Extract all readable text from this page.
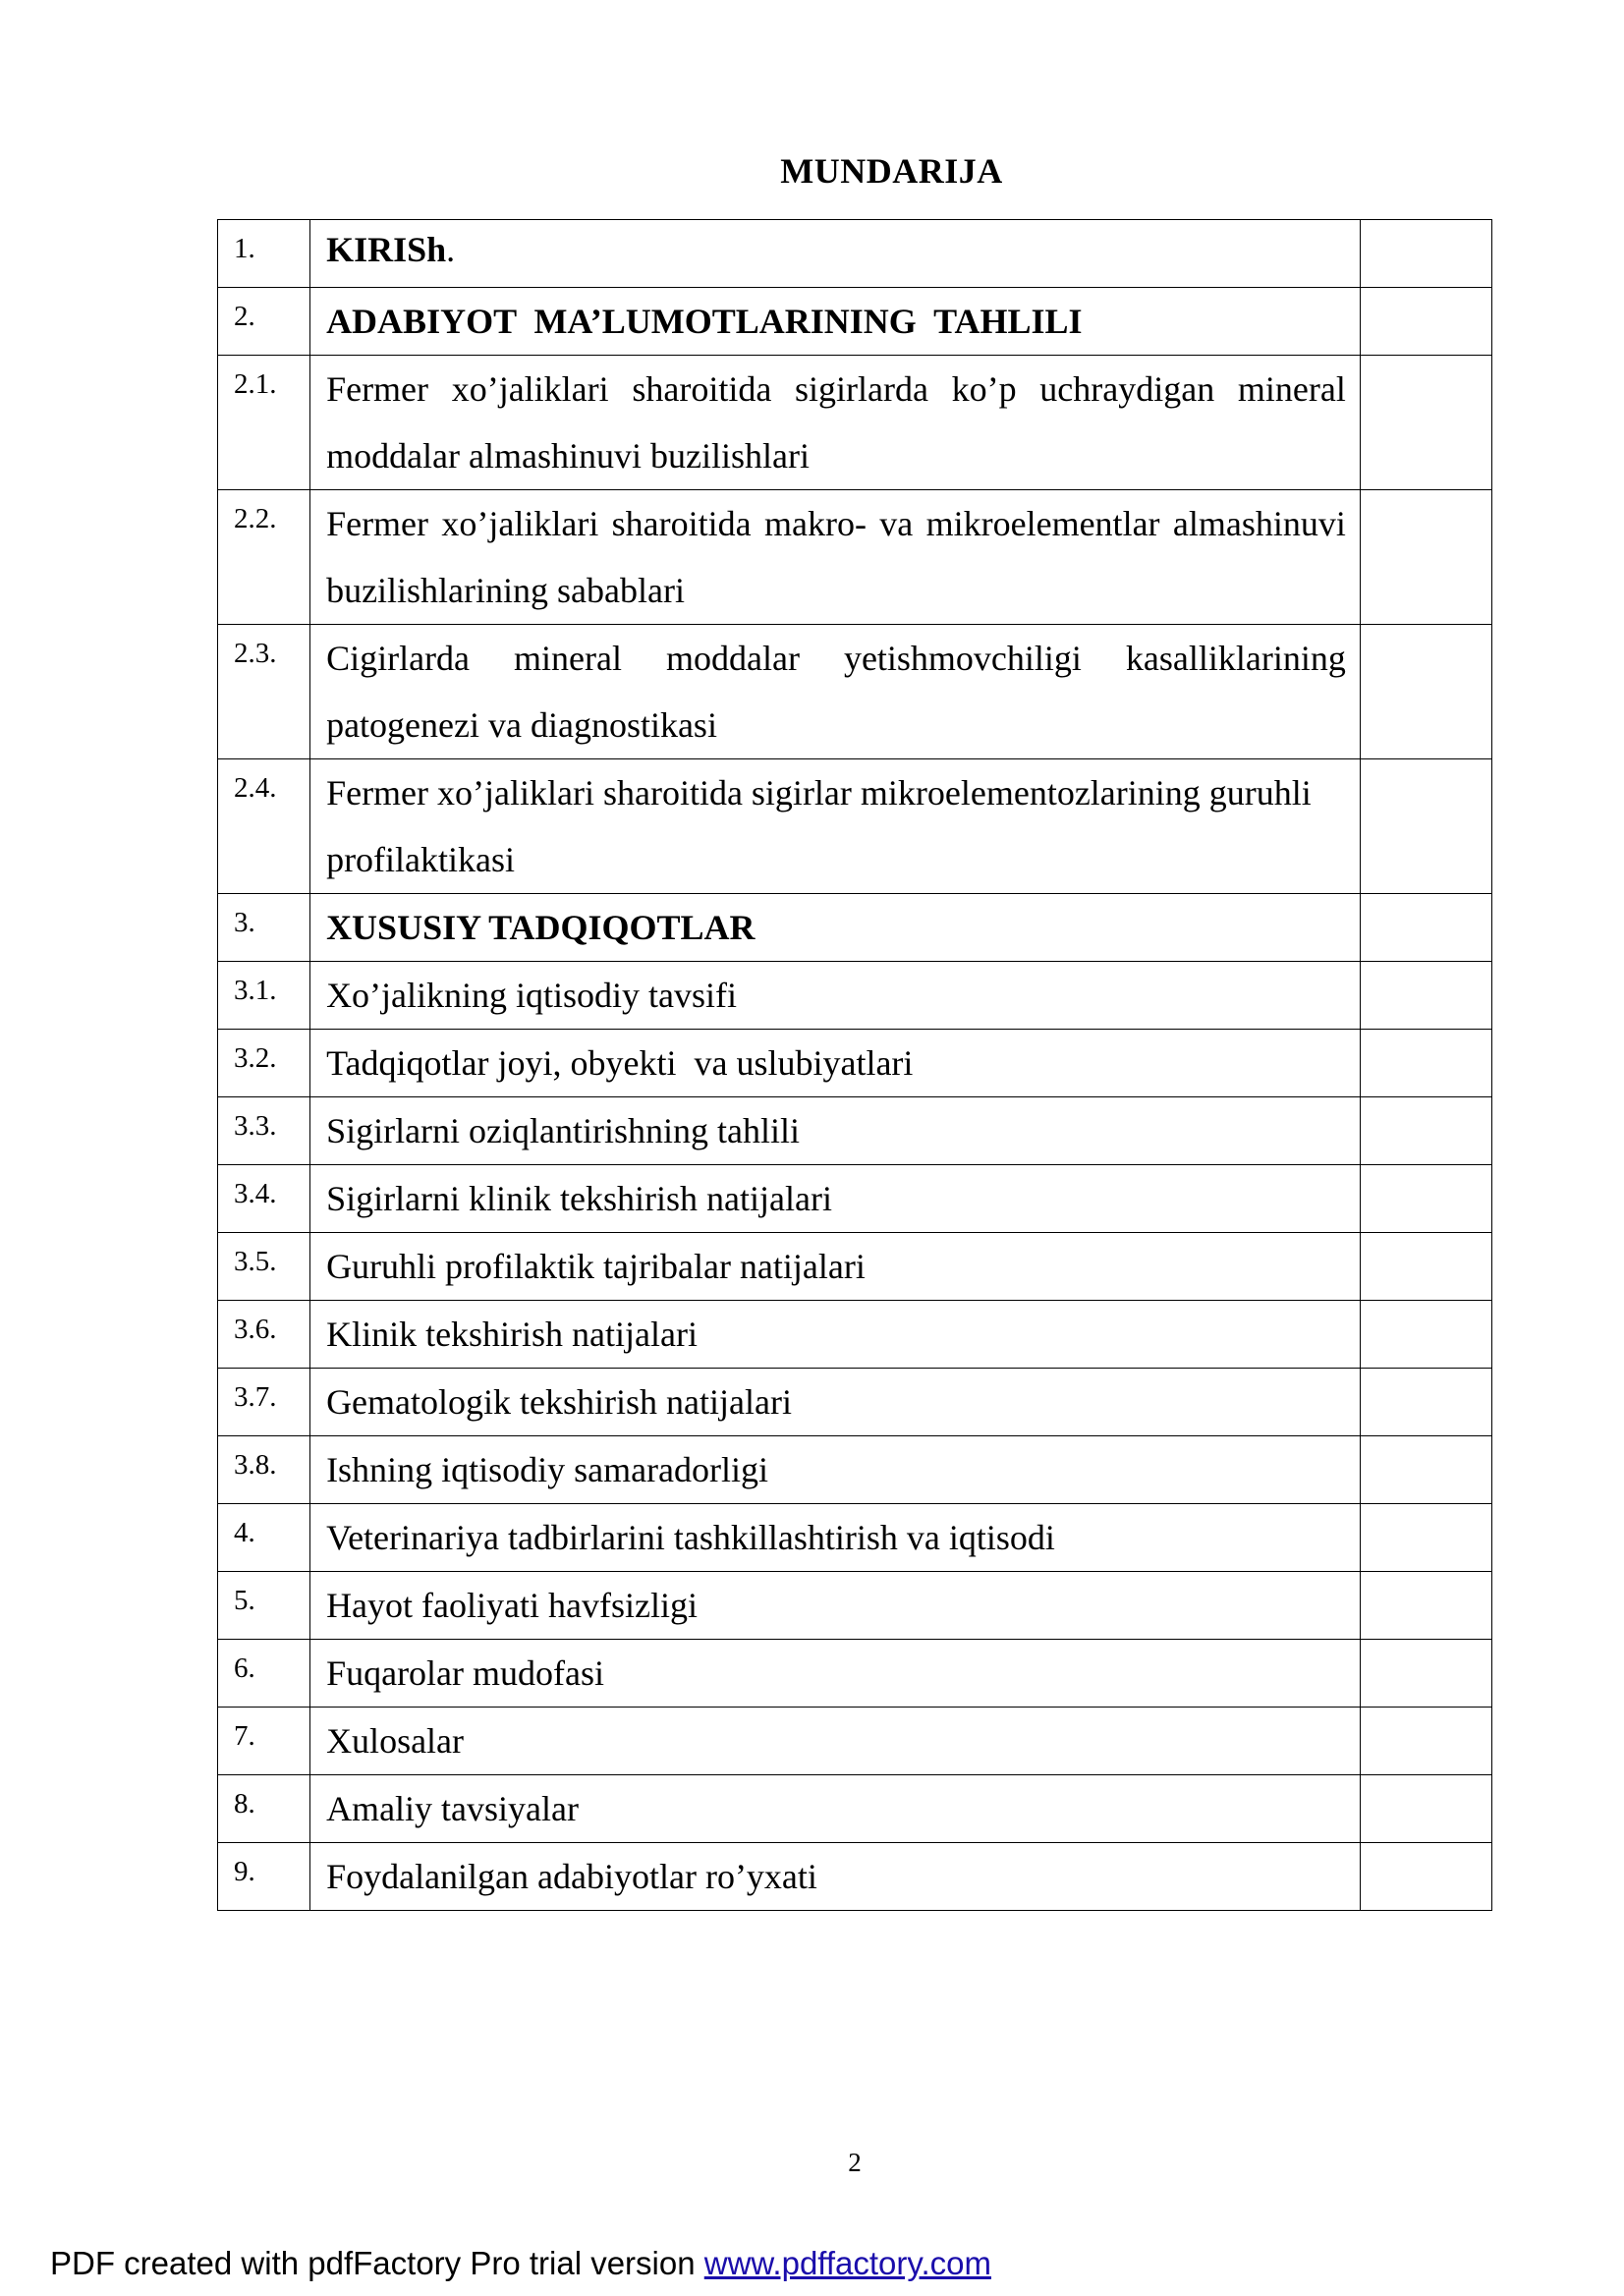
MUNDARIJA
1.	KIRISh.	
2.	ADABIYOT  MA’LUMOTLARINING  TAHLILI	
2.1.	Fermer xo’jaliklari sharoitida sigirlarda ko’p uchraydigan mineral moddalar almashinuvi buzilishlari	
2.2.	Fermer xo’jaliklari sharoitida makro- va mikroelementlar almashinuvi buzilishlarining sabablari	
2.3.	Cigirlarda mineral moddalar yetishmovchiligi kasalliklarining patogenezi va diagnostikasi	
2.4.	Fermer xo’jaliklari sharoitida sigirlar mikroelementozlarining guruhli profilaktikasi	
3.	XUSUSIY TADQIQOTLAR	
3.1.	Xo’jalikning iqtisodiy tavsifi	
3.2.	Tadqiqotlar joyi, obyekti  va uslubiyatlari	
3.3.	Sigirlarni oziqlantirishning tahlili	
3.4.	Sigirlarni klinik tekshirish natijalari	
3.5.	Guruhli profilaktik tajribalar natijalari	
3.6.	Klinik tekshirish natijalari	
3.7.	Gematologik tekshirish natijalari	
3.8.	Ishning iqtisodiy samaradorligi	
4.	Veterinariya tadbirlarini tashkillashtirish va iqtisodi	
5.	Hayot faoliyati havfsizligi	
6.	Fuqarolar mudofasi	
7.	Xulosalar	
8.	Amaliy tavsiyalar	
9.	Foydalanilgan adabiyotlar ro’yxati	
2
PDF created with pdfFactory Pro trial version www.pdffactory.com
